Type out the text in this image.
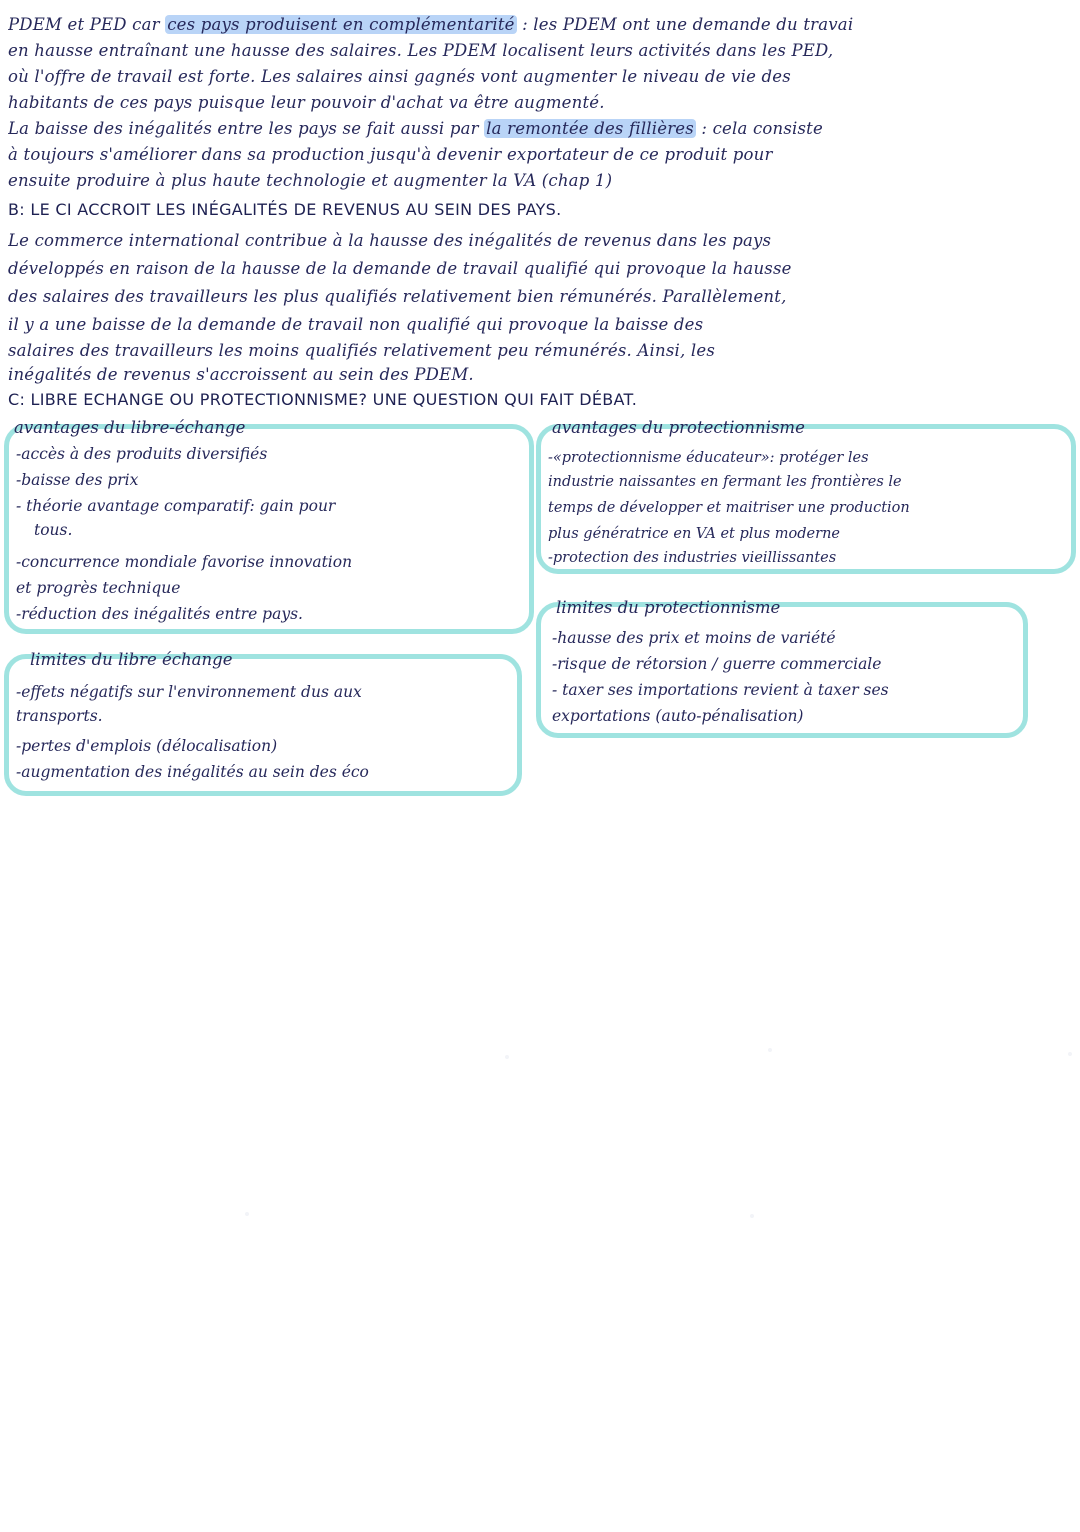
PDEM et PED car ces pays produisent en complémentarité : les PDEM ont une demande du travai
en hausse entraînant une hausse des salaires. Les PDEM localisent leurs activités dans les PED,
où l'offre de travail est forte. Les salaires ainsi gagnés vont augmenter le niveau de vie des
habitants de ces pays puisque leur pouvoir d'achat va être augmenté.
La baisse des inégalités entre les pays se fait aussi par la remontée des fillières : cela consiste
à toujours s'améliorer dans sa production jusqu'à devenir exportateur de ce produit pour
ensuite produire à plus haute technologie et augmenter la VA (chap 1)
B: LE CI ACCROIT LES INÉGALITÉS DE REVENUS AU SEIN DES PAYS.
Le commerce international contribue à la hausse des inégalités de revenus dans les pays
développés en raison de la hausse de la demande de travail qualifié qui provoque la hausse
des salaires des travailleurs les plus qualifiés relativement bien rémunérés. Parallèlement,
il y a une baisse de la demande de travail non qualifié qui provoque la baisse des
salaires des travailleurs les moins qualifiés relativement peu rémunérés. Ainsi, les
inégalités de revenus s'accroissent au sein des PDEM.
C: LIBRE ECHANGE OU PROTECTIONNISME? UNE QUESTION QUI FAIT DÉBAT.
avantages du libre-échange
-accès à des produits diversifiés
-baisse des prix
- théorie avantage comparatif: gain pour
tous.
-concurrence mondiale favorise innovation
et progrès technique
-réduction des inégalités entre pays.
limites du libre échange
-effets négatifs sur l'environnement dus aux
transports.
-pertes d'emplois (délocalisation)
-augmentation des inégalités au sein des éco
avantages du protectionnisme
-«protectionnisme éducateur»: protéger les
industrie naissantes en fermant les frontières le
temps de développer et maitriser une production
plus génératrice en VA et plus moderne
-protection des industries vieillissantes
limites du protectionnisme
-hausse des prix et moins de variété
-risque de rétorsion / guerre commerciale
- taxer ses importations revient à taxer ses
exportations (auto-pénalisation)
